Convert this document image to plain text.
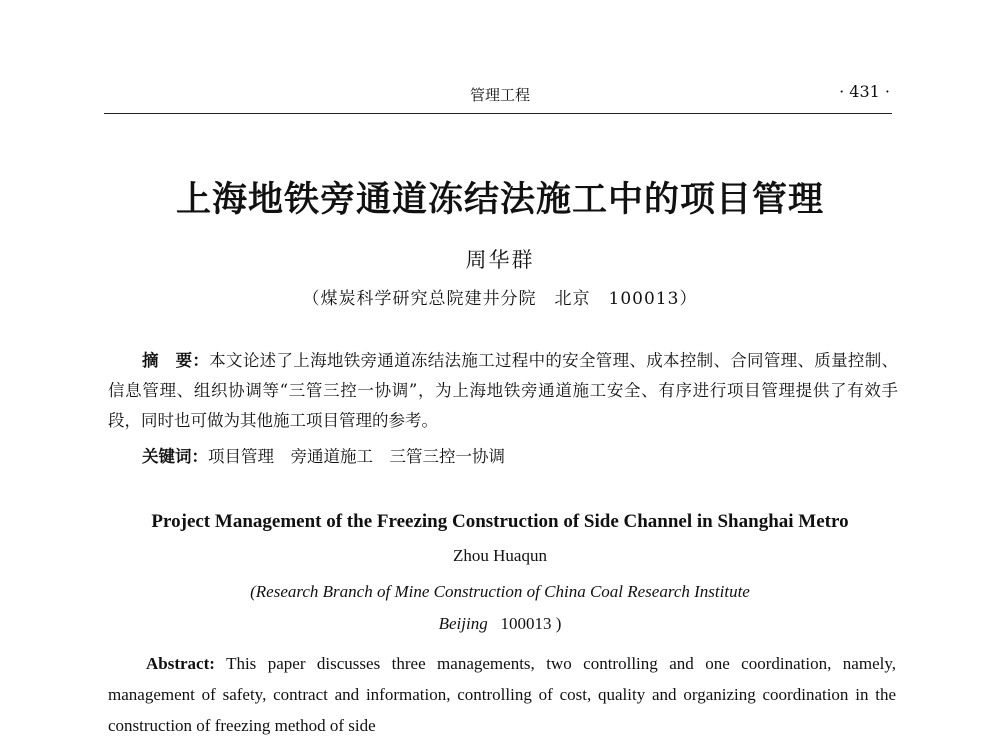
管理工程	· 431 ·
上海地铁旁通道冻结法施工中的项目管理
周华群
（煤炭科学研究总院建井分院　北京　100013）
摘　要：本文论述了上海地铁旁通道冻结法施工过程中的安全管理、成本控制、合同管理、质量控制、信息管理、组织协调等“三管三控一协调”，为上海地铁旁通道施工安全、有序进行项目管理提供了有效手段，同时也可做为其他施工项目管理的参考。
关键词：项目管理　旁通道施工　三管三控一协调
Project Management of the Freezing Construction of Side Channel in Shanghai Metro
Zhou Huaqun
(Research Branch of Mine Construction of China Coal Research Institute
Beijing 100013 )
Abstract: This paper discusses three managements, two controlling and one coordination, namely, management of safety, contract and information, controlling of cost, quality and organizing coordination in the construction of freezing method of side
